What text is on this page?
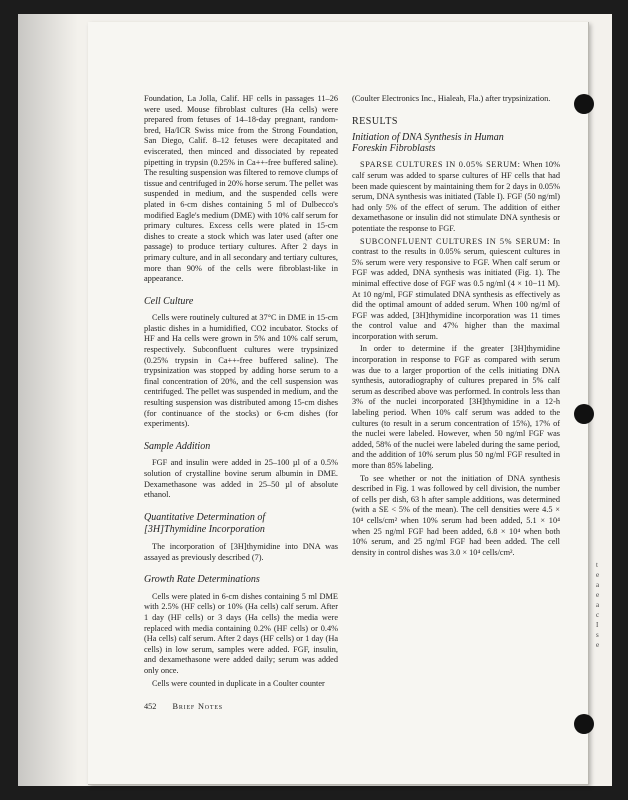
Foundation, La Jolla, Calif. HF cells in passages 11–26 were used. Mouse fibroblast cultures (Ha cells) were prepared from fetuses of 14–18-day pregnant, random-bred, Ha/ICR Swiss mice from the Strong Foundation, San Diego, Calif. 8–12 fetuses were decapitated and eviscerated, then minced and dissociated by repeated pipetting in trypsin (0.25% in Ca++-free buffered saline). The resulting suspension was filtered to remove clumps of tissue and centrifuged in 20% horse serum. The pellet was suspended in medium, and the suspended cells were plated in 6-cm dishes containing 5 ml of Dulbecco's modified Eagle's medium (DME) with 10% calf serum for primary cultures. Excess cells were plated in 15-cm dishes to create a stock which was later used (after one passage) to produce tertiary cultures. After 2 days in primary culture, and in all secondary and tertiary cultures, more than 90% of the cells were fibroblast-like in appearance.

Cell Culture

Cells were routinely cultured at 37°C in DME in 15-cm plastic dishes in a humidified, CO2 incubator. Stocks of HF and Ha cells were grown in 5% and 10% calf serum, respectively. Subconfluent cultures were trypsinized (0.25% trypsin in Ca++-free buffered saline). The trypsinization was stopped by adding horse serum to a final concentration of 20%, and the cell suspension was centrifuged. The pellet was suspended in medium, and the resulting suspension was distributed among 15-cm dishes (for continuance of the stocks) or 6-cm dishes (for experiments).

Sample Addition

FGF and insulin were added in 25–100 µl of a 0.5% solution of crystalline bovine serum albumin in DME. Dexamethasone was added in 25–50 µl of absolute ethanol.

Quantitative Determination of
[3H]Thymidine Incorporation

The incorporation of [3H]thymidine into DNA was assayed as previously described (7).

Growth Rate Determinations

Cells were plated in 6-cm dishes containing 5 ml DME with 2.5% (HF cells) or 10% (Ha cells) calf serum. After 1 day (HF cells) or 3 days (Ha cells) the media were replaced with media containing 0.2% (HF cells) or 0.4% (Ha cells) calf serum. After 2 days (HF cells) or 1 day (Ha cells) in low serum, samples were added. FGF, insulin, and dexamethasone were added daily; serum was added only once.

Cells were counted in duplicate in a Coulter counter

(Coulter Electronics Inc., Hialeah, Fla.) after trypsinization.

RESULTS
Initiation of DNA Synthesis in Human
Foreskin Fibroblasts

SPARSE CULTURES IN 0.05% SERUM: When 10% calf serum was added to sparse cultures of HF cells that had been made quiescent by maintaining them for 2 days in 0.05% serum, DNA synthesis was initiated (Table I). FGF (50 ng/ml) had only 5% of the effect of serum. The addition of either dexamethasone or insulin did not stimulate DNA synthesis or potentiate the response to FGF.

SUBCONFLUENT CULTURES IN 5% SERUM: In contrast to the results in 0.05% serum, quiescent cultures in 5% serum were very responsive to FGF. When calf serum or FGF was added, DNA synthesis was initiated (Fig. 1). The minimal effective dose of FGF was 0.5 ng/ml (4 × 10−11 M). At 10 ng/ml, FGF stimulated DNA synthesis as effectively as did the optimal amount of added serum. When 100 ng/ml of FGF was added, [3H]thymidine incorporation was 11 times the control value and 47% higher than the maximal incorporation with serum.

In order to determine if the greater [3H]thymidine incorporation in response to FGF as compared with serum was due to a larger proportion of the cells initiating DNA synthesis, autoradiography of cultures prepared in 5% calf serum as described above was performed. In controls less than 3% of the nuclei incorporated [3H]thymidine in a 12-h labeling period. When 10% calf serum was added to the cultures (to result in a serum concentration of 15%), 17% of the nuclei were labeled. However, when 50 ng/ml FGF was added, 58% of the nuclei were labeled during the same period, and the addition of 10% serum plus 50 ng/ml FGF resulted in more than 85% labeling.

To see whether or not the initiation of DNA synthesis described in Fig. 1 was followed by cell division, the number of cells per dish, 63 h after sample additions, was determined (with a SE < 5% of the mean). The cell densities were 4.5 × 10⁴ cells/cm² when 10% serum had been added, 5.1 × 10⁴ when 25 ng/ml FGF had been added, 6.8 × 10⁴ when both 10% serum, and 25 ng/ml FGF had been added. The cell density in control dishes was 3.0 × 10⁴ cells/cm².

452 Brief Notes
t
e
a
e
a
c
I
s
e
